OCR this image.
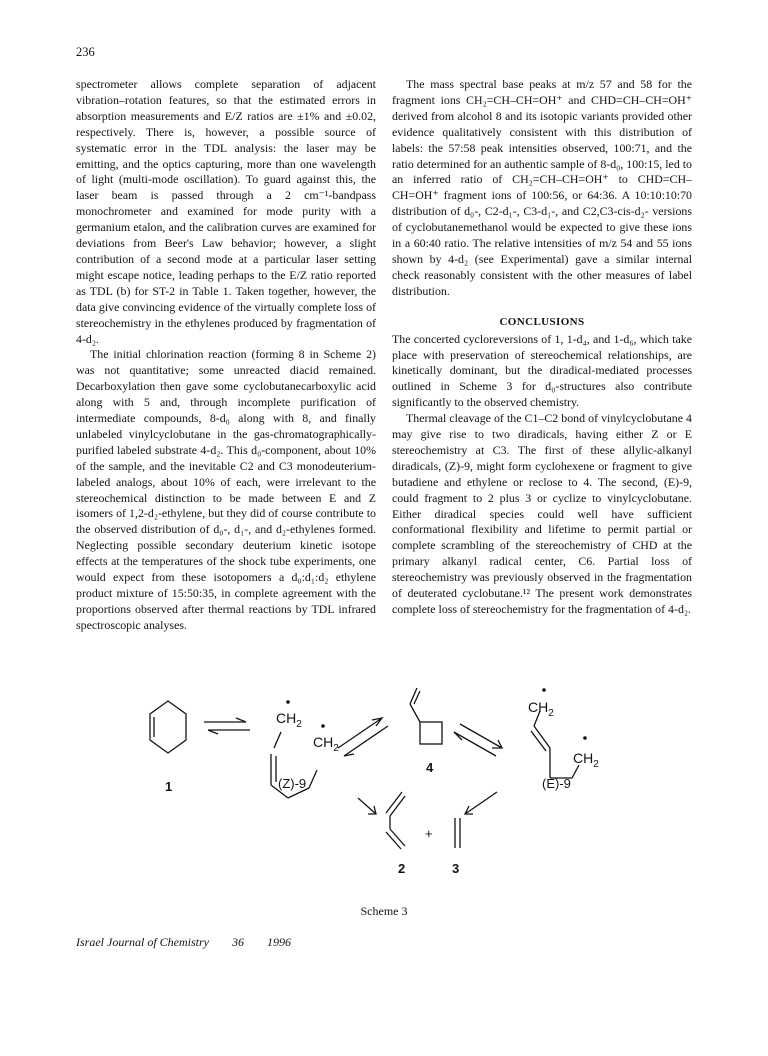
236

spectrometer allows complete separation of adjacent vibration–rotation features, so that the estimated errors in absorption measurements and E/Z ratios are ±1% and ±0.02, respectively. There is, however, a possible source of systematic error in the TDL analysis: the laser may be emitting, and the optics capturing, more than one wavelength of light (multi-mode oscillation). To guard against this, the laser beam is passed through a 2 cm⁻¹-bandpass monochrometer and examined for mode purity with a germanium etalon, and the calibration curves are examined for deviations from Beer's Law behavior; however, a slight contribution of a second mode at a particular laser setting might escape notice, leading perhaps to the E/Z ratio reported as TDL (b) for ST-2 in Table 1. Taken together, however, the data give convincing evidence of the virtually complete loss of stereochemistry in the ethylenes produced by fragmentation of 4-d₂.

The initial chlorination reaction (forming 8 in Scheme 2) was not quantitative; some unreacted diacid remained. Decarboxylation then gave some cyclobutanecarboxylic acid along with 5 and, through incomplete purification of intermediate compounds, 8-d₀ along with 8, and finally unlabeled vinylcyclobutane in the gas-chromatographically-purified labeled substrate 4-d₂. This d₀-component, about 10% of the sample, and the inevitable C2 and C3 monodeuterium-labeled analogs, about 10% of each, were irrelevant to the stereochemical distinction to be made between E and Z isomers of 1,2-d₂-ethylene, but they did of course contribute to the observed distribution of d₀-, d₁-, and d₂-ethylenes formed. Neglecting possible secondary deuterium kinetic isotope effects at the temperatures of the shock tube experiments, one would expect from these isotopomers a d₀:d₁:d₂ ethylene product mixture of 15:50:35, in complete agreement with the proportions observed after thermal reactions by TDL infrared spectroscopic analyses.

The mass spectral base peaks at m/z 57 and 58 for the fragment ions CH₂=CH–CH=OH⁺ and CHD=CH–CH=OH⁺ derived from alcohol 8 and its isotopic variants provided other evidence qualitatively consistent with this distribution of labels: the 57:58 peak intensities observed, 100:71, and the ratio determined for an authentic sample of 8-d₀, 100:15, led to an inferred ratio of CH₂=CH–CH=OH⁺ to CHD=CH–CH=OH⁺ fragment ions of 100:56, or 64:36. A 10:10:10:70 distribution of d₀-, C2-d₁-, C3-d₁-, and C2,C3-cis-d₂- versions of cyclobutanemethanol would be expected to give these ions in a 60:40 ratio. The relative intensities of m/z 54 and 55 ions shown by 4-d₂ (see Experimental) gave a similar internal check reasonably consistent with the other measures of label distribution.

CONCLUSIONS

The concerted cycloreversions of 1, 1-d₄, and 1-d₆, which take place with preservation of stereochemical relationships, are kinetically dominant, but the diradical-mediated processes outlined in Scheme 3 for d₀-structures also contribute significantly to the observed chemistry.

Thermal cleavage of the C1–C2 bond of vinylcyclobutane 4 may give rise to two diradicals, having either Z or E stereochemistry at C3. The first of these allylic-alkanyl diradicals, (Z)-9, might form cyclohexene or fragment to give butadiene and ethylene or reclose to 4. The second, (E)-9, could fragment to 2 plus 3 or cyclize to vinylcyclobutane. Either diradical species could well have sufficient conformational flexibility and lifetime to permit partial or complete scrambling of the stereochemistry of CHD at the primary alkanyl radical center, C6. Partial loss of stereochemistry was previously observed in the fragmentation of deuterated cyclobutane.¹² The present work demonstrates complete loss of stereochemistry for the fragmentation of 4-d₂.

$CH_2$
$CH_2$
$CH_2$
$CH_2$
1	(Z)-9
4
(E)-9
+
2	3
Scheme 3
Israel Journal of Chemistry 36 1996
